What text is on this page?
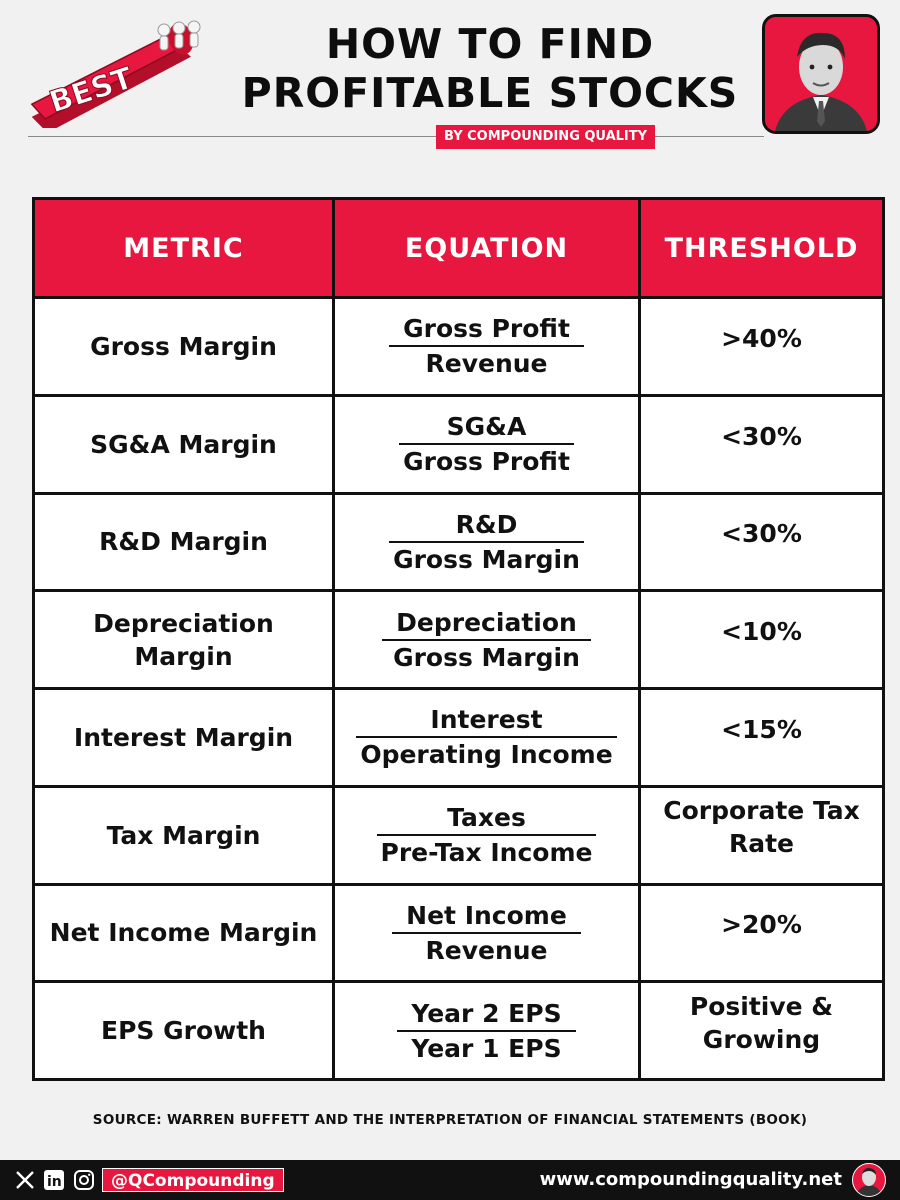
BEST
HOW TO FIND
PROFITABLE STOCKS
BY COMPOUNDING QUALITY
METRIC	EQUATION	THRESHOLD
Gross Margin	$\frac{\text{Gross Profit}}{\text{Revenue}}$	>40%
SG&A Margin	$\frac{SG\&A}{\text{Gross Profit}}$	<30%
R&D Margin	$\frac{R\&D}{\text{Gross Margin}}$	<30%
Depreciation Margin	$\frac{\text{Depreciation}}{\text{Gross Margin}}$	<10%
Interest Margin	$\frac{\text{Interest}}{\text{Operating Income}}$	<15%
Tax Margin	$\frac{\text{Taxes}}{\text{Pre-Tax Income}}$	Corporate Tax Rate
Net Income Margin	$\frac{\text{Net Income}}{\text{Revenue}}$	>20%
EPS Growth	$\frac{\text{Year 2 EPS}}{\text{Year 1 EPS}}$	Positive & Growing
SOURCE: WARREN BUFFETT AND THE INTERPRETATION OF FINANCIAL STATEMENTS (BOOK)
in	@QCompounding	www.compoundingquality.net
